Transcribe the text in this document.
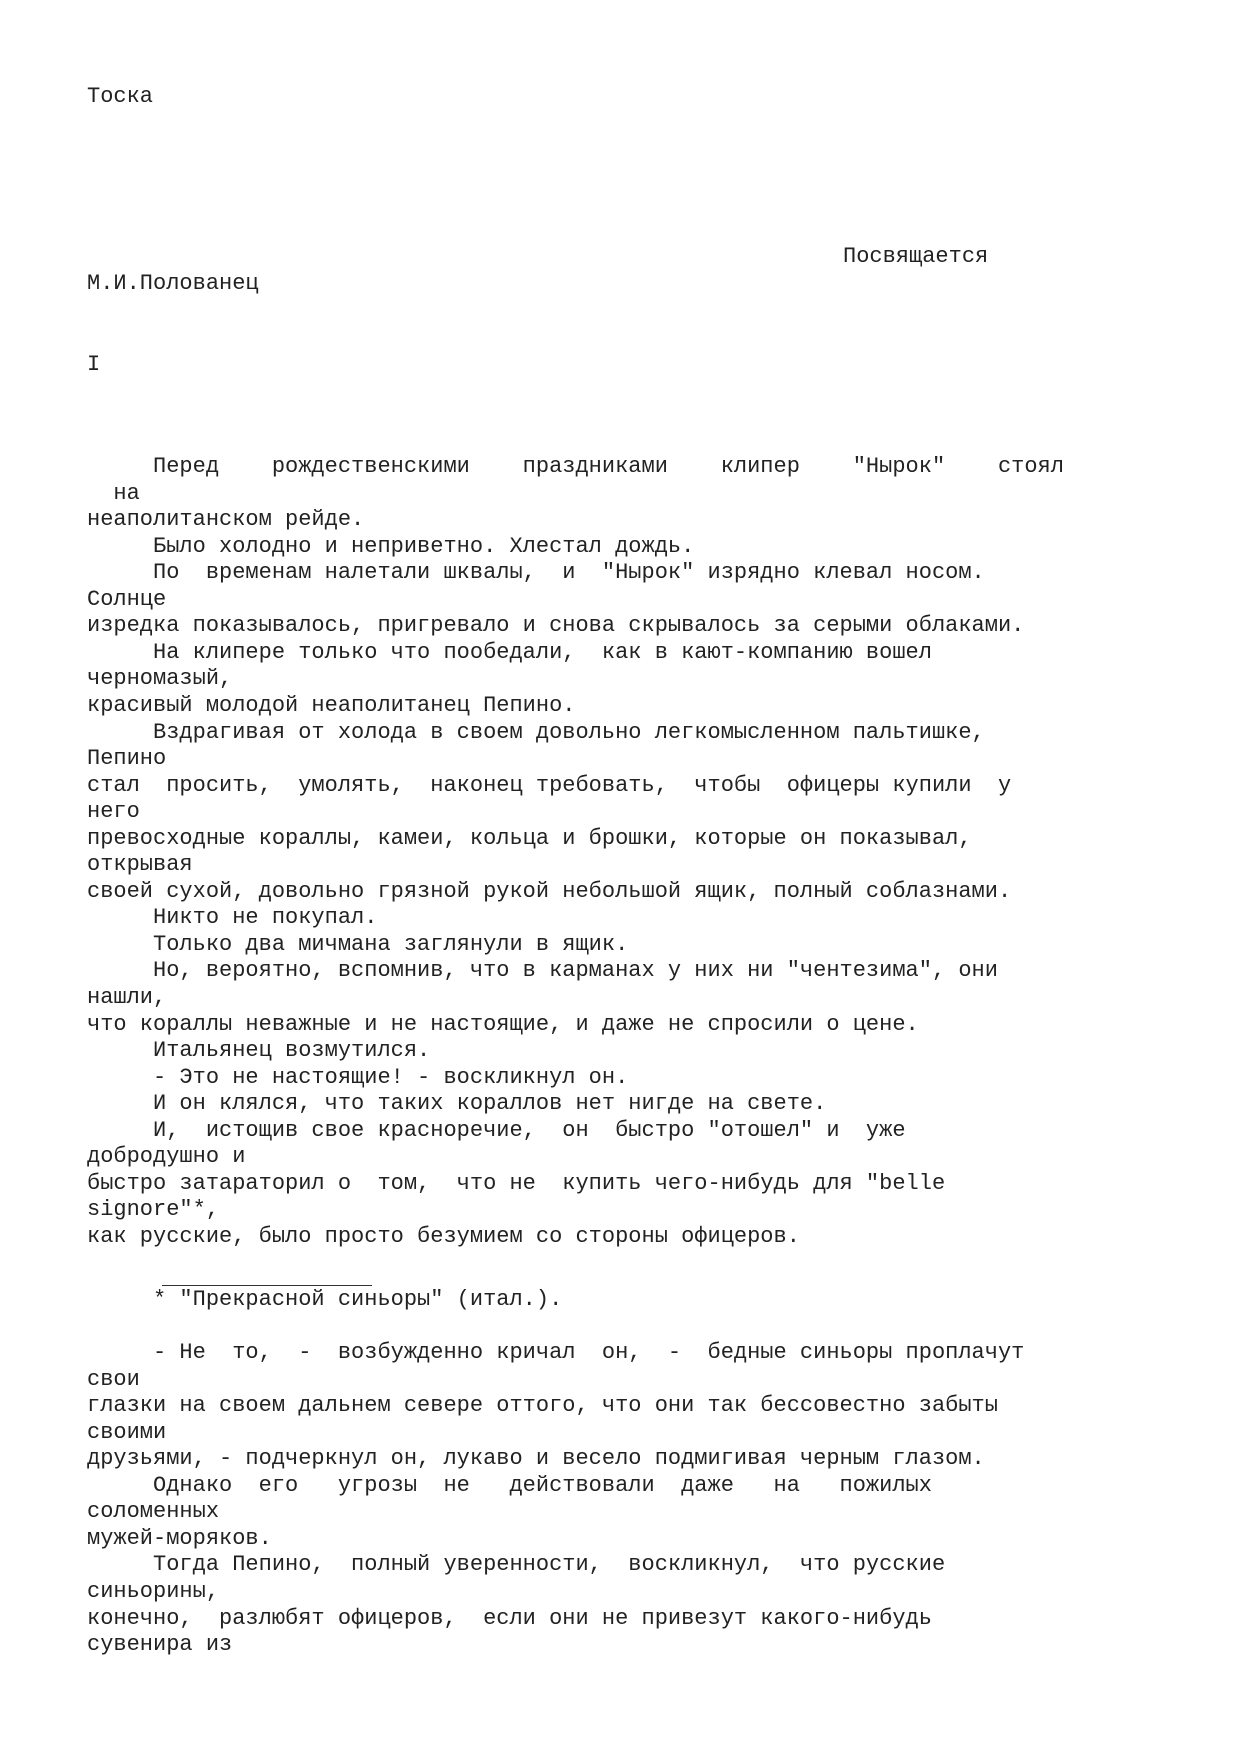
Тоска
Посвящается
М.И.Пoлoванец
I
Перед    рождественскими    праздниками    клипер    "Нырок"    стоял
на
неаполитанском рейде.
Было холодно и неприветно. Хлестал дождь.
По  временам налетали шквалы,  и  "Нырок" изрядно клевал носом.
Солнце
изредка показывалось, пригревало и снова скрывалось за серыми облаками.
На клипере только что пообедали,  как в кают-компанию вошел
черномазый,
красивый молодой неаполитанец Пепино.
Вздрагивая от холода в своем довольно легкомысленном пальтишке,
Пепино
стал  просить,  умолять,  наконец требовать,  чтобы  офицеры купили  у
него
превосходные кораллы, камеи, кольца и брошки, которые он показывал,
открывая
своей сухой, довольно грязной рукой небольшой ящик, полный соблазнами.
Никто не покупал.
Только два мичмана заглянули в ящик.
Но, вероятно, вспомнив, что в карманах у них ни "чентезима", они
нашли,
что кораллы неважные и не настоящие, и даже не спросили о цене.
Итальянец возмутился.
- Это не настоящие! - воскликнул он.
И он клялся, что таких кораллов нет нигде на свете.
И,  истощив свое красноречие,  он  быстро "отошел" и  уже
добродушно и
быстро затараторил о  том,  что не  купить чего-нибудь для "belle
signore"*,
как русские, было просто безумием со стороны офицеров.
* "Прекрасной синьоры" (итал.).
- Не  то,  -  возбужденно кричал  он,  -  бедные синьоры проплачут
свои
глазки на своем дальнем севере оттого, что они так бессовестно забыты
своими
друзьями, - подчеркнул он, лукаво и весело подмигивая черным глазом.
Однако  его   угрозы  не   действовали  даже   на   пожилых
соломенных
мужей-моряков.
Тогда Пепино,  полный уверенности,  воскликнул,  что русские
синьорины,
конечно,  разлюбят офицеров,  если они не привезут какого-нибудь
сувенира из
